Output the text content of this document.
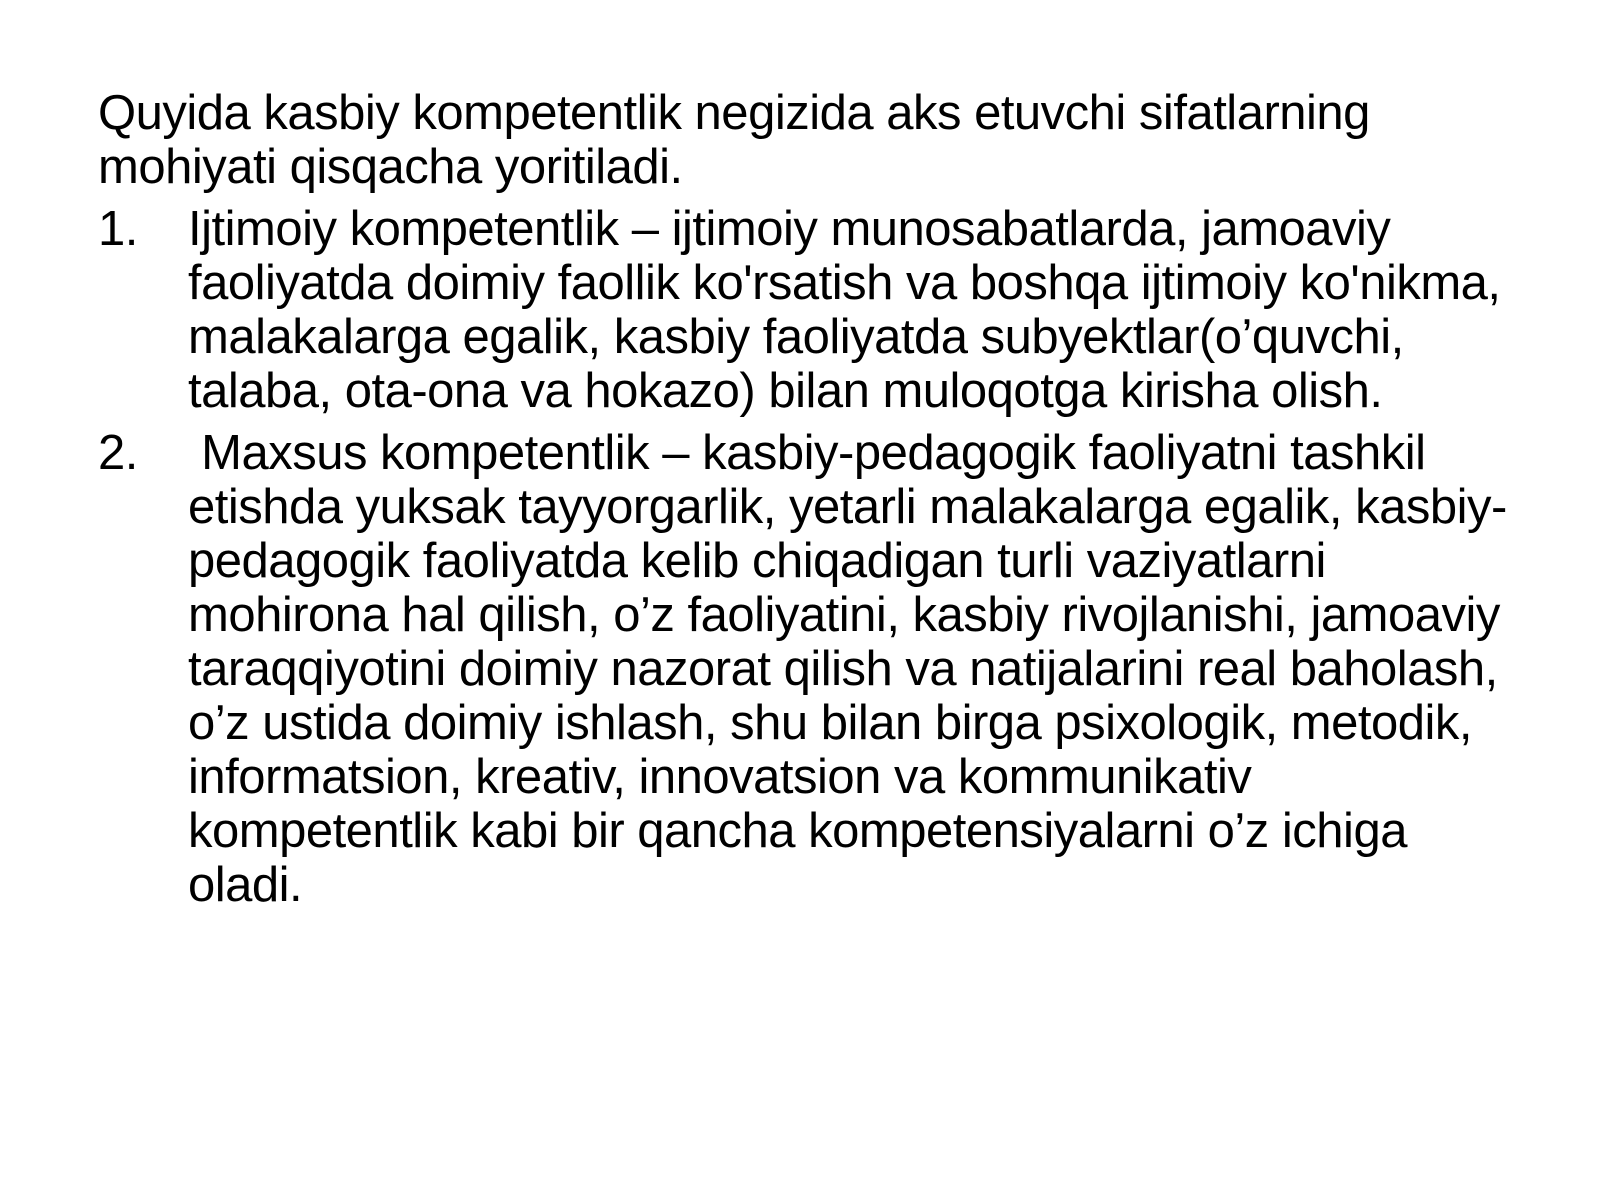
Quyida kasbiy kompetentlik negizida aks etuvchi sifatlarning mohiyati qisqacha yoritiladi.

1. Ijtimoiy kompetentlik – ijtimoiy munosabatlarda, jamoaviy faoliyatda doimiy faollik ko'rsatish va boshqa ijtimoiy ko'nikma, malakalarga egalik, kasbiy faoliyatda subyektlar(o’quvchi, talaba, ota-ona va hokazo) bilan muloqotga kirisha olish.
2. Maxsus kompetentlik – kasbiy-pedagogik faoliyatni tashkil etishda yuksak tayyorgarlik, yetarli malakalarga egalik, kasbiy-pedagogik faoliyatda kelib chiqadigan turli vaziyatlarni mohirona hal qilish, o’z faoliyatini, kasbiy rivojlanishi, jamoaviy taraqqiyotini doimiy nazorat qilish va natijalarini real baholash, o’z ustida doimiy ishlash, shu bilan birga psixologik, metodik, informatsion, kreativ, innovatsion va kommunikativ kompetentlik kabi bir qancha kompetensiyalarni o’z ichiga oladi.
